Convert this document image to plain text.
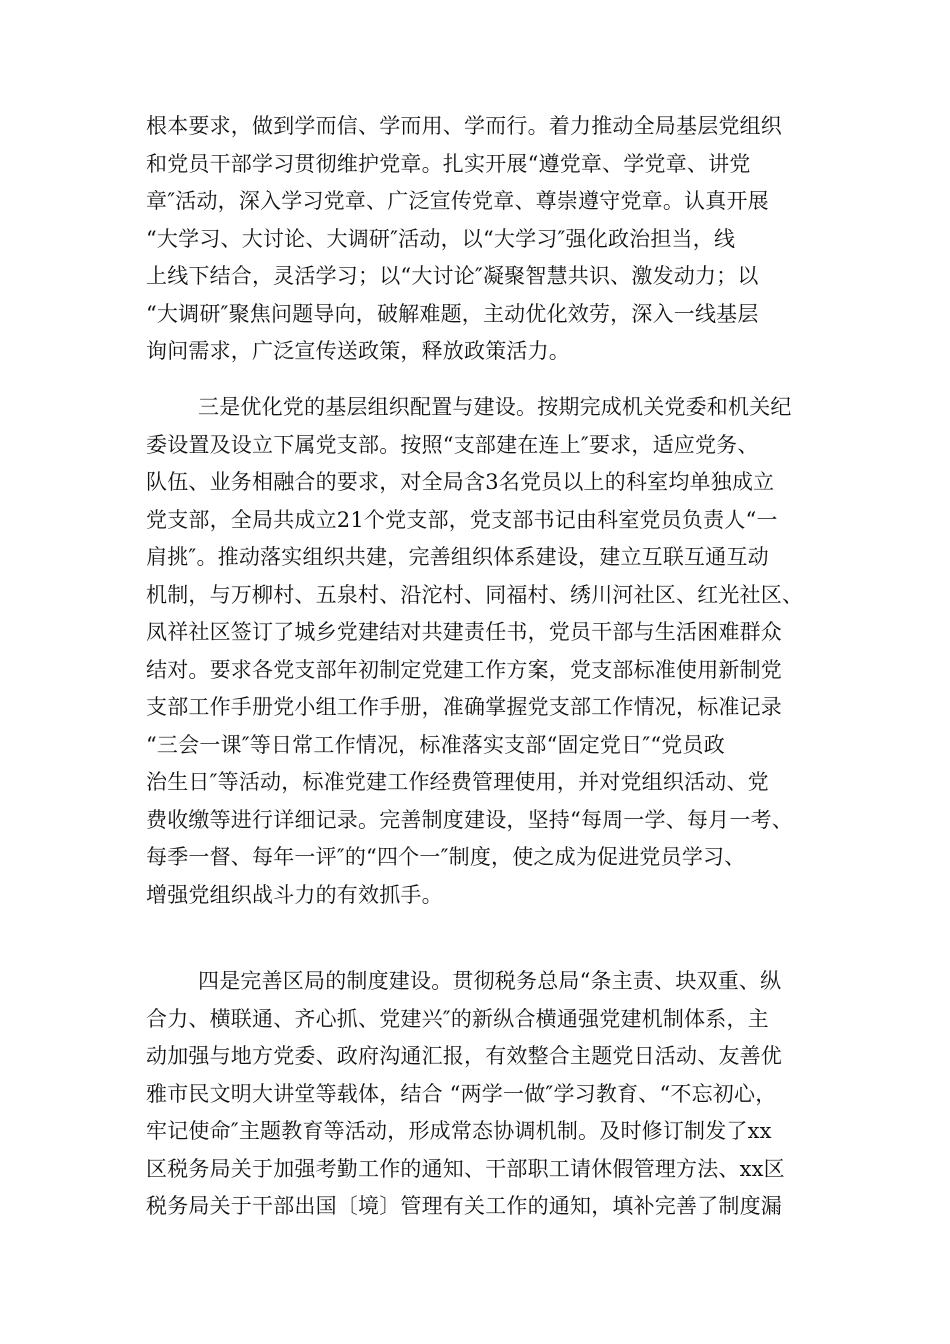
根本要求，做到学而信、学而用、学而行。着力推动全局基层党组织
和党员干部学习贯彻维护党章。扎实开展“遵党章、学党章、讲党
章″活动，深入学习党章、广泛宣传党章、尊崇遵守党章。认真开展
“大学习、大讨论、大调研″活动，以“大学习″强化政治担当，线
上线下结合，灵活学习；以“大讨论″凝聚智慧共识、激发动力；以
“大调研″聚焦问题导向，破解难题，主动优化效劳，深入一线基层
询问需求，广泛宣传送政策，释放政策活力。
三是优化党的基层组织配置与建设。按期完成机关党委和机关纪
委设置及设立下属党支部。按照“支部建在连上″要求，适应党务、
队伍、业务相融合的要求，对全局含3名党员以上的科室均单独成立
党支部，全局共成立21个党支部，党支部书记由科室党员负责人“一
肩挑″。推动落实组织共建，完善组织体系建设，建立互联互通互动
机制，与万柳村、五泉村、沿沱村、同福村、绣川河社区、红光社区、
凤祥社区签订了城乡党建结对共建责任书，党员干部与生活困难群众
结对。要求各党支部年初制定党建工作方案，党支部标准使用新制党
支部工作手册党小组工作手册，准确掌握党支部工作情况，标准记录
“三会一课″等日常工作情况，标准落实支部“固定党日″“党员政
治生日″等活动，标准党建工作经费管理使用，并对党组织活动、党
费收缴等进行详细记录。完善制度建设，坚持“每周一学、每月一考、
每季一督、每年一评″的“四个一″制度，使之成为促进党员学习、
增强党组织战斗力的有效抓手。
四是完善区局的制度建设。贯彻税务总局“条主责、块双重、纵
合力、横联通、齐心抓、党建兴″的新纵合横通强党建机制体系，主
动加强与地方党委、政府沟通汇报，有效整合主题党日活动、友善优
雅市民文明大讲堂等载体，结合 “两学一做″学习教育、“不忘初心，
牢记使命″主题教育等活动，形成常态协调机制。及时修订制发了xx
区税务局关于加强考勤工作的通知、干部职工请休假管理方法、xx区
税务局关于干部出国〔境〕管理有关工作的通知，填补完善了制度漏
